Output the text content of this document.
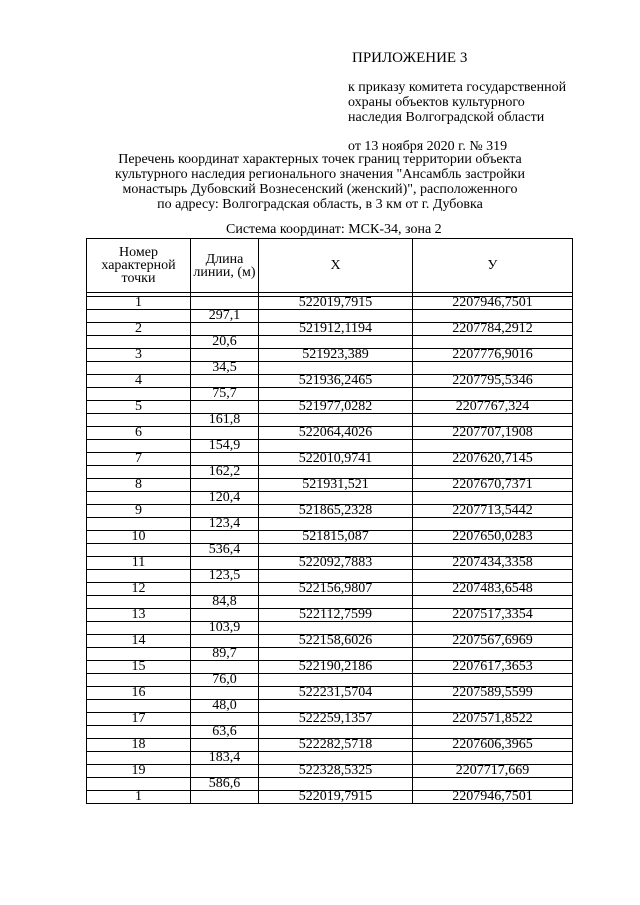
ПРИЛОЖЕНИЕ 3
к приказу комитета государственной
охраны объектов культурного
наследия Волгоградской области
от 13 ноября 2020 г. № 319
Перечень координат характерных точек границ территории объекта
культурного наследия регионального значения "Ансамбль застройки
монастырь Дубовский Вознесенский (женский)", расположенного
по адресу: Волгоградская область, в 3 км от г. Дубовка
Система координат: МСК-34, зона 2
Номер характерной точки	Длина линии, (м)	Х	У

1		522019,7915	2207946,7501
	297,1		
2		521912,1194	2207784,2912
	20,6		
3		521923,389	2207776,9016
	34,5		
4		521936,2465	2207795,5346
	75,7		
5		521977,0282	2207767,324
	161,8		
6		522064,4026	2207707,1908
	154,9		
7		522010,9741	2207620,7145
	162,2		
8		521931,521	2207670,7371
	120,4		
9		521865,2328	2207713,5442
	123,4		
10		521815,087	2207650,0283
	536,4		
11		522092,7883	2207434,3358
	123,5		
12		522156,9807	2207483,6548
	84,8		
13		522112,7599	2207517,3354
	103,9		
14		522158,6026	2207567,6969
	89,7		
15		522190,2186	2207617,3653
	76,0		
16		522231,5704	2207589,5599
	48,0		
17		522259,1357	2207571,8522
	63,6		
18		522282,5718	2207606,3965
	183,4		
19		522328,5325	2207717,669
	586,6		
1		522019,7915	2207946,7501
